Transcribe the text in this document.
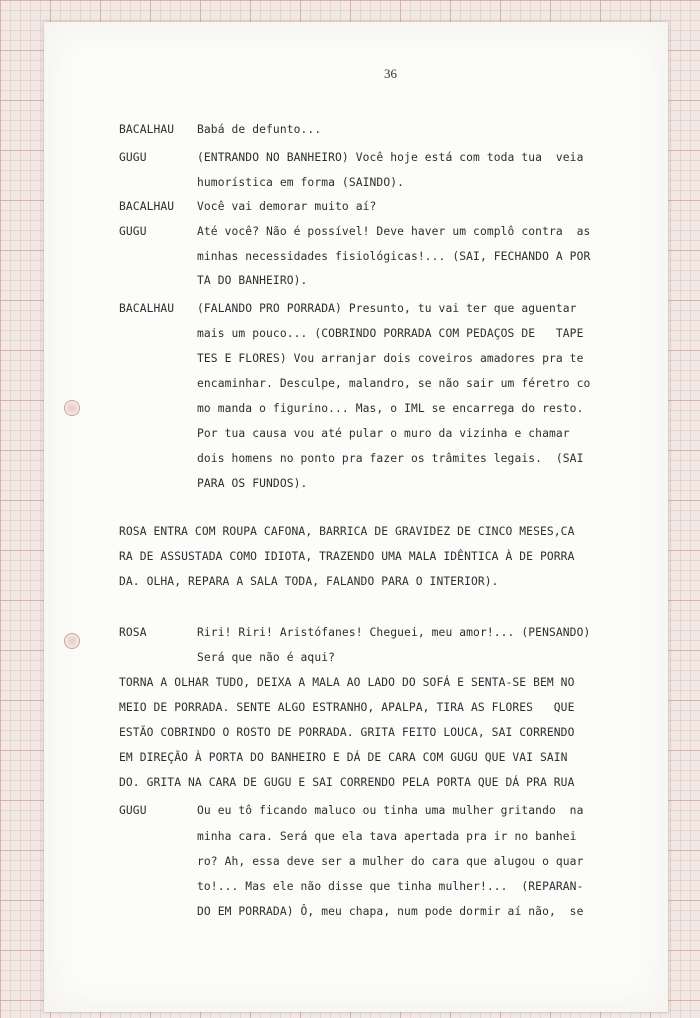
36
BACALHAU Babá de defunto...
GUGU	(ENTRANDO NO BANHEIRO) Você hoje está com toda tua  veia
humorística em forma (SAINDO).
BACALHAU Você vai demorar muito aí?
GUGU	Até você? Não é possível! Deve haver um complô contra  as
minhas necessidades fisiológicas!... (SAI, FECHANDO A POR
TA DO BANHEIRO).
BACALHAU (FALANDO PRO PORRADA) Presunto, tu vai ter que aguentar
mais um pouco... (COBRINDO PORRADA COM PEDAÇOS DE   TAPE
TES E FLORES) Vou arranjar dois coveiros amadores pra te
encaminhar. Desculpe, malandro, se não sair um féretro co
mo manda o figurino... Mas, o IML se encarrega do resto.
Por tua causa vou até pular o muro da vizinha e chamar
dois homens no ponto pra fazer os trâmites legais.  (SAI
PARA OS FUNDOS).
ROSA ENTRA COM ROUPA CAFONA, BARRICA DE GRAVIDEZ DE CINCO MESES,CA
RA DE ASSUSTADA COMO IDIOTA, TRAZENDO UMA MALA IDÊNTICA À DE PORRA
DA. OLHA, REPARA A SALA TODA, FALANDO PARA O INTERIOR).
ROSA	Riri! Riri! Aristófanes! Cheguei, meu amor!... (PENSANDO)
Será que não é aqui?
TORNA A OLHAR TUDO, DEIXA A MALA AO LADO DO SOFÁ E SENTA-SE BEM NO
MEIO DE PORRADA. SENTE ALGO ESTRANHO, APALPA, TIRA AS FLORES   QUE
ESTÃO COBRINDO O ROSTO DE PORRADA. GRITA FEITO LOUCA, SAI CORRENDO
EM DIREÇÃO À PORTA DO BANHEIRO E DÁ DE CARA COM GUGU QUE VAI SAIN
DO. GRITA NA CARA DE GUGU E SAI CORRENDO PELA PORTA QUE DÁ PRA RUA
GUGU	Ou eu tô ficando maluco ou tinha uma mulher gritando  na
minha cara. Será que ela tava apertada pra ir no banhei
ro? Ah, essa deve ser a mulher do cara que alugou o quar
to!... Mas ele não disse que tinha mulher!...  (REPARAN-
DO EM PORRADA) Ô, meu chapa, num pode dormir aí não,  se
